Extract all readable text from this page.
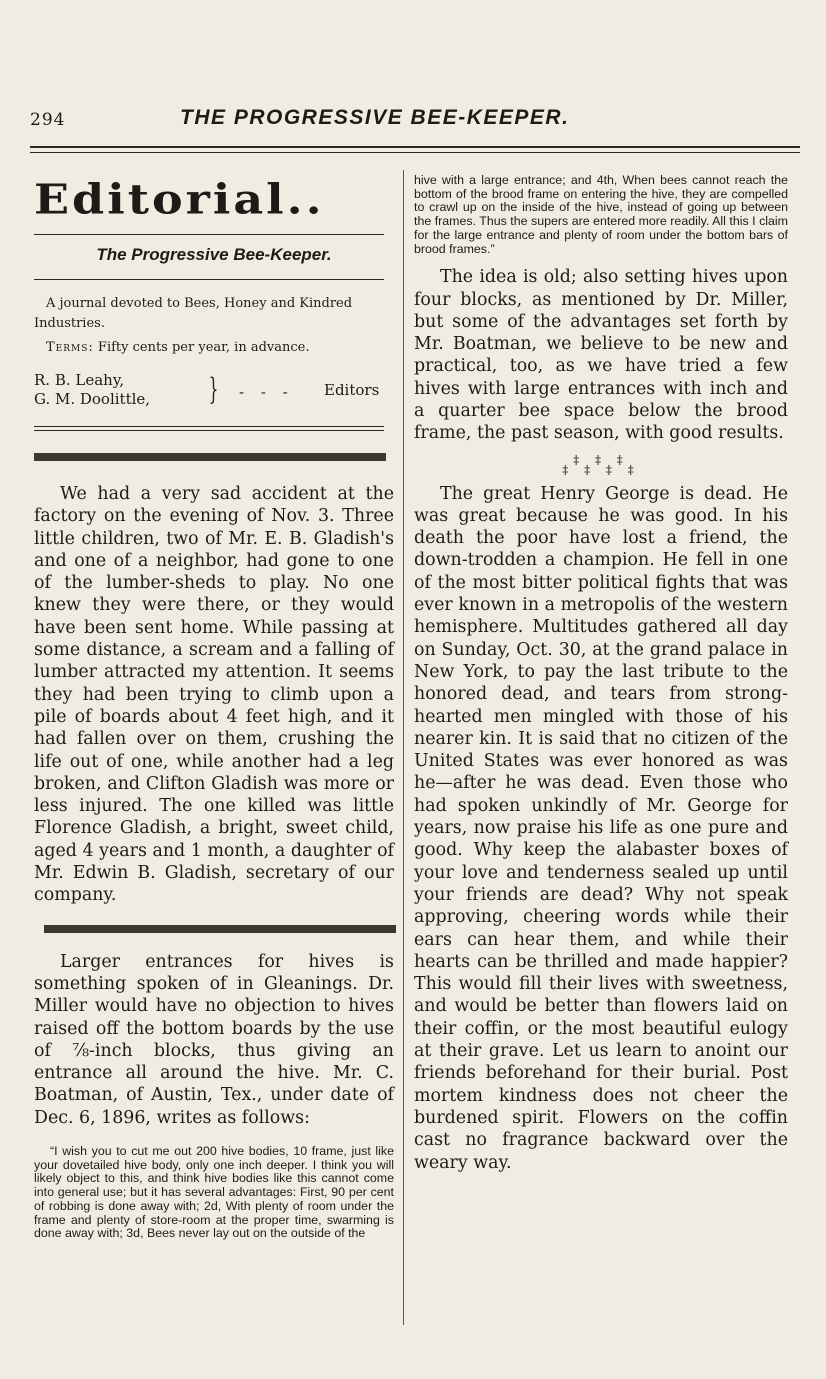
294	THE PROGRESSIVE BEE-KEEPER.
Editorial..
The Progressive Bee-Keeper.

A journal devoted to Bees, Honey and Kindred Industries.

Terms: Fifty cents per year, in advance.

R. B. Leahy,
G. M. Doolittle, } - - - Editors

We had a very sad accident at the factory on the evening of Nov. 3. Three little children, two of Mr. E. B. Gladish's and one of a neighbor, had gone to one of the lumber-sheds to play. No one knew they were there, or they would have been sent home. While passing at some distance, a scream and a falling of lumber attracted my attention. It seems they had been trying to climb upon a pile of boards about 4 feet high, and it had fallen over on them, crushing the life out of one, while another had a leg broken, and Clifton Gladish was more or less injured. The one killed was little Florence Gladish, a bright, sweet child, aged 4 years and 1 month, a daughter of Mr. Edwin B. Gladish, secretary of our company.

Larger entrances for hives is something spoken of in Gleanings. Dr. Miller would have no objection to hives raised off the bottom boards by the use of ⅞-inch blocks, thus giving an entrance all around the hive. Mr. C. Boatman, of Austin, Tex., under date of Dec. 6, 1896, writes as follows:

“I wish you to cut me out 200 hive bodies, 10 frame, just like your dovetailed hive body, only one inch deeper. I think you will likely object to this, and think hive bodies like this cannot come into general use; but it has several advantages: First, 90 per cent of robbing is done away with; 2d, With plenty of room under the frame and plenty of store-room at the proper time, swarming is done away with; 3d, Bees never lay out on the outside of the

hive with a large entrance; and 4th, When bees cannot reach the bottom of the brood frame on entering the hive, they are compelled to crawl up on the inside of the hive, instead of going up between the frames. Thus the supers are entered more readily. All this I claim for the large entrance and plenty of room under the bottom bars of brood frames.”

The idea is old; also setting hives upon four blocks, as mentioned by Dr. Miller, but some of the advantages set forth by Mr. Boatman, we believe to be new and practical, too, as we have tried a few hives with large entrances with inch and a quarter bee space below the brood frame, the past season, with good results.

‡ ‡ ‡
‡ ‡ ‡ ‡

The great Henry George is dead. He was great because he was good. In his death the poor have lost a friend, the down-trodden a champion. He fell in one of the most bitter political fights that was ever known in a metropolis of the western hemisphere. Multitudes gathered all day on Sunday, Oct. 30, at the grand palace in New York, to pay the last tribute to the honored dead, and tears from strong-hearted men mingled with those of his nearer kin. It is said that no citizen of the United States was ever honored as was he—after he was dead. Even those who had spoken unkindly of Mr. George for years, now praise his life as one pure and good. Why keep the alabaster boxes of your love and tenderness sealed up until your friends are dead? Why not speak approving, cheering words while their ears can hear them, and while their hearts can be thrilled and made happier? This would fill their lives with sweetness, and would be better than flowers laid on their coffin, or the most beautiful eulogy at their grave. Let us learn to anoint our friends beforehand for their burial. Post mortem kindness does not cheer the burdened spirit. Flowers on the coffin cast no fragrance backward over the weary way.
